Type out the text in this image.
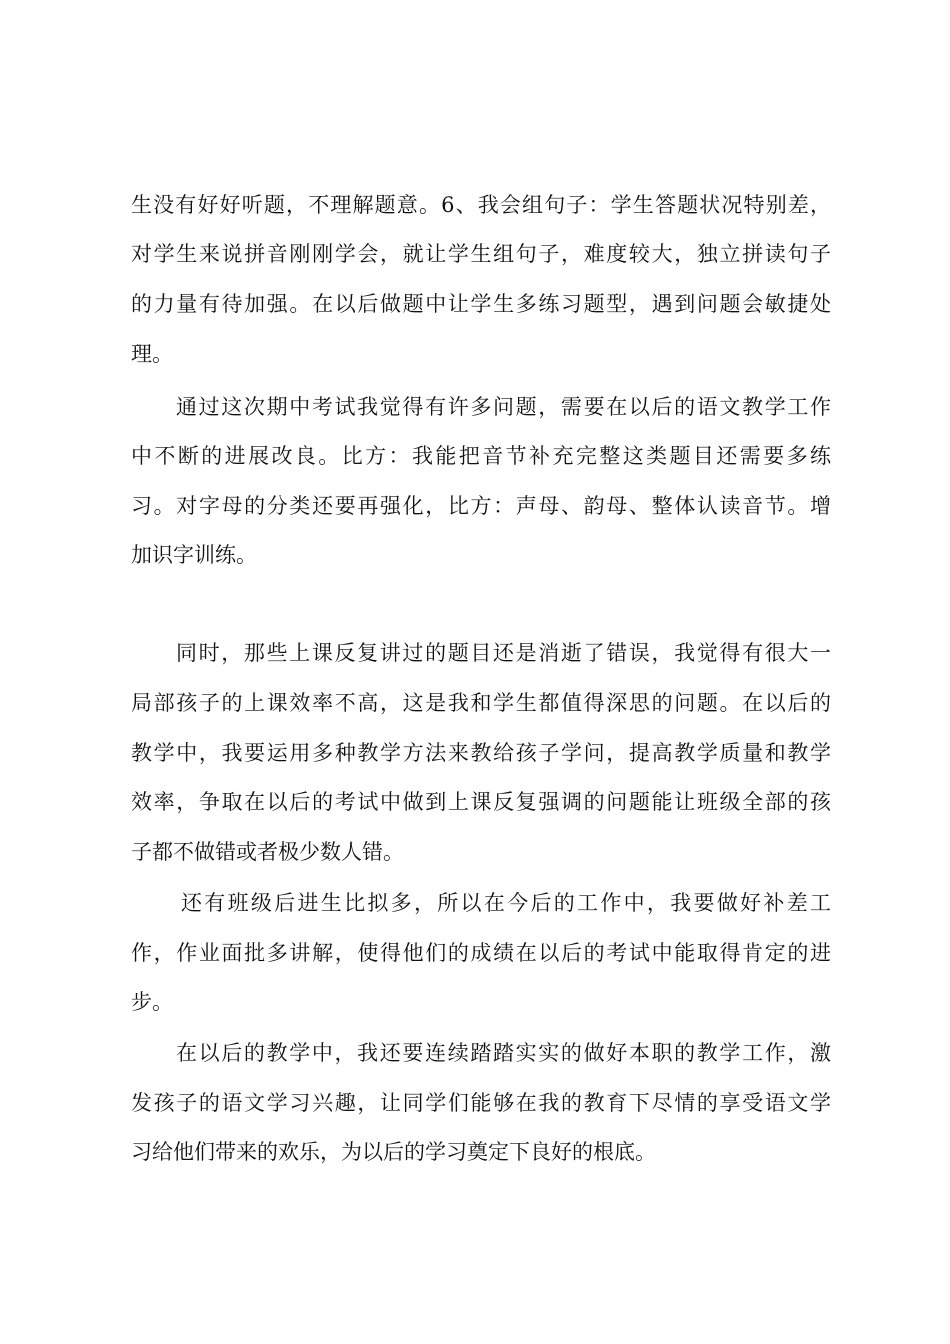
生没有好好听题，不理解题意。6、我会组句子：学生答题状况特别差，
对学生来说拼音刚刚学会，就让学生组句子，难度较大，独立拼读句子
的力量有待加强。在以后做题中让学生多练习题型，遇到问题会敏捷处
理。
通过这次期中考试我觉得有许多问题，需要在以后的语文教学工作
中不断的进展改良。比方：我能把音节补充完整这类题目还需要多练
习。对字母的分类还要再强化，比方：声母、韵母、整体认读音节。增
加识字训练。
同时，那些上课反复讲过的题目还是消逝了错误，我觉得有很大一
局部孩子的上课效率不高，这是我和学生都值得深思的问题。在以后的
教学中，我要运用多种教学方法来教给孩子学问，提高教学质量和教学
效率，争取在以后的考试中做到上课反复强调的问题能让班级全部的孩
子都不做错或者极少数人错。
还有班级后进生比拟多，所以在今后的工作中，我要做好补差工
作，作业面批多讲解，使得他们的成绩在以后的考试中能取得肯定的进
步。
在以后的教学中，我还要连续踏踏实实的做好本职的教学工作，激
发孩子的语文学习兴趣，让同学们能够在我的教育下尽情的享受语文学
习给他们带来的欢乐，为以后的学习奠定下良好的根底。
